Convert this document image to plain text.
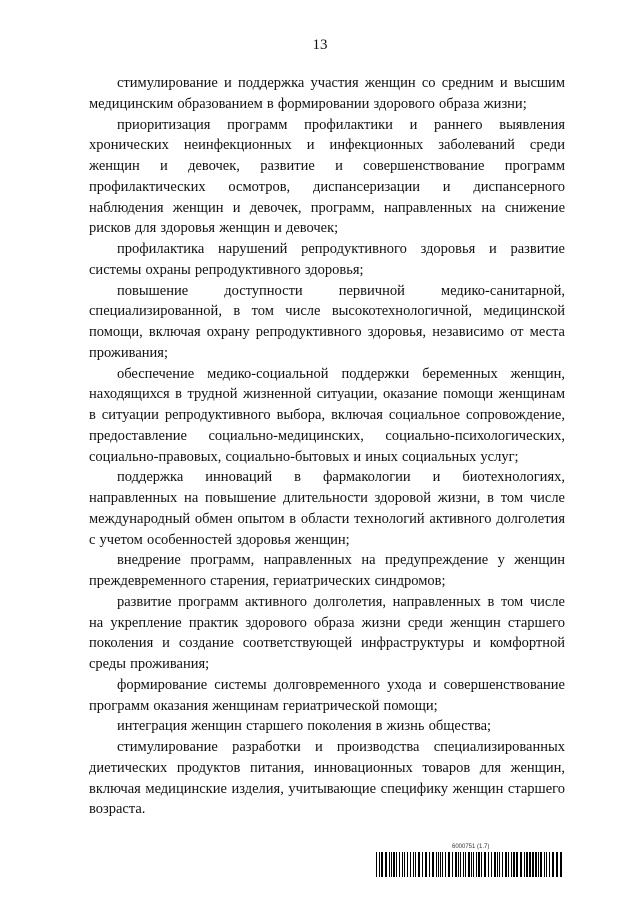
13

стимулирование и поддержка участия женщин со средним и высшим медицинским образованием в формировании здорового образа жизни;

приоритизация программ профилактики и раннего выявления хронических неинфекционных и инфекционных заболеваний среди женщин и девочек, развитие и совершенствование программ профилактических осмотров, диспансеризации и диспансерного наблюдения женщин и девочек, программ, направленных на снижение рисков для здоровья женщин и девочек;

профилактика нарушений репродуктивного здоровья и развитие системы охраны репродуктивного здоровья;

повышение доступности первичной медико-санитарной, специализированной, в том числе высокотехнологичной, медицинской помощи, включая охрану репродуктивного здоровья, независимо от места проживания;

обеспечение медико-социальной поддержки беременных женщин, находящихся в трудной жизненной ситуации, оказание помощи женщинам в ситуации репродуктивного выбора, включая социальное сопровождение, предоставление социально-медицинских, социально-психологических, социально-правовых, социально-бытовых и иных социальных услуг;

поддержка инноваций в фармакологии и биотехнологиях, направленных на повышение длительности здоровой жизни, в том числе международный обмен опытом в области технологий активного долголетия с учетом особенностей здоровья женщин;

внедрение программ, направленных на предупреждение у женщин преждевременного старения, гериатрических синдромов;

развитие программ активного долголетия, направленных в том числе на укрепление практик здорового образа жизни среди женщин старшего поколения и создание соответствующей инфраструктуры и комфортной среды проживания;

формирование системы долговременного ухода и совершенствование программ оказания женщинам гериатрической помощи;

интеграция женщин старшего поколения в жизнь общества;

стимулирование разработки и производства специализированных диетических продуктов питания, инновационных товаров для женщин, включая медицинские изделия, учитывающие специфику женщин старшего возраста.

6000751 (1.7)
